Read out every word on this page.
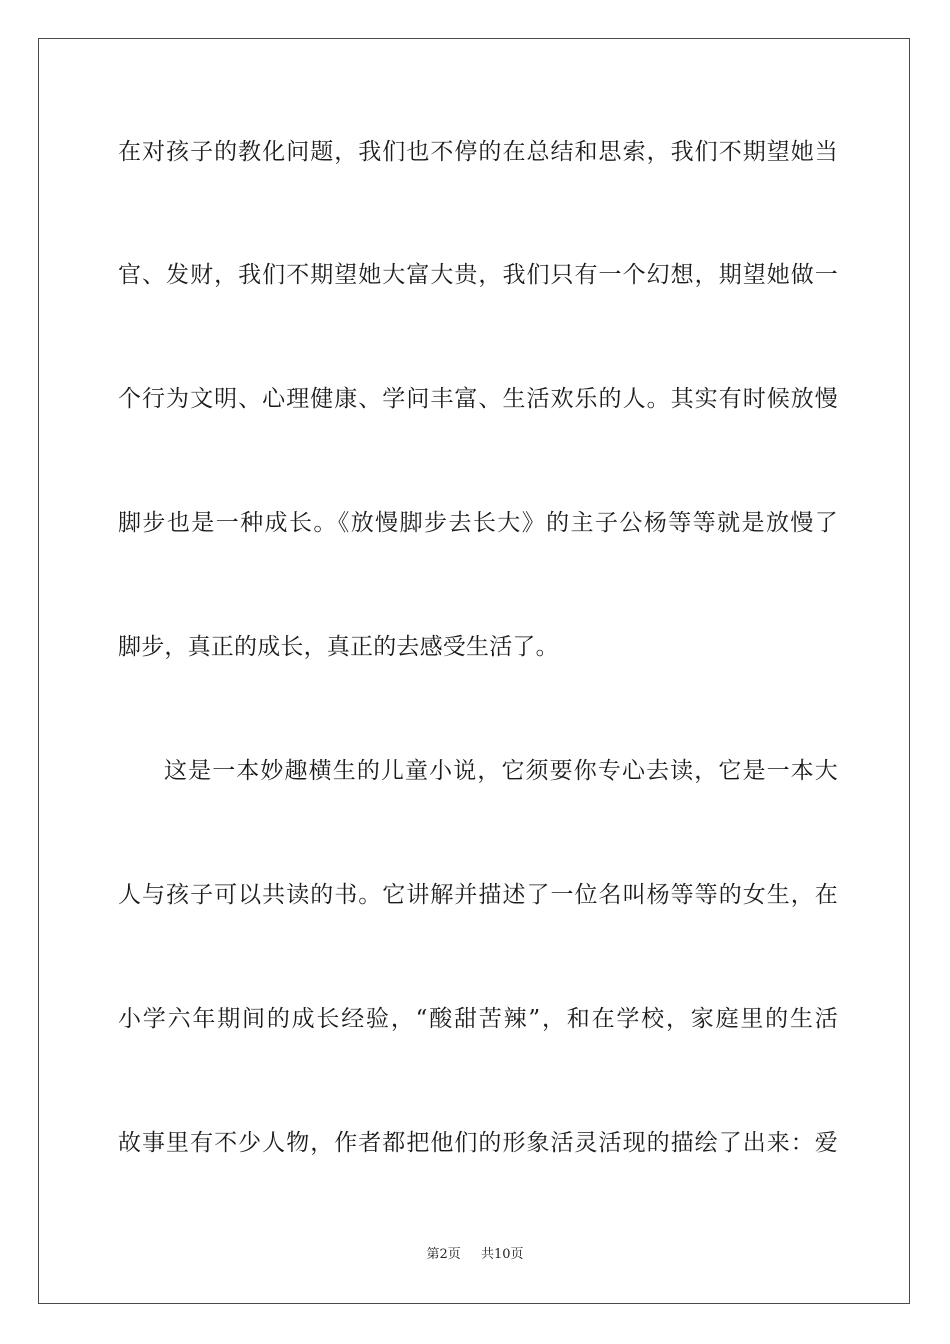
在对孩子的教化问题，我们也不停的在总结和思索，我们不期望她当
官、发财，我们不期望她大富大贵，我们只有一个幻想，期望她做一
个行为文明、心理健康、学问丰富、生活欢乐的人。其实有时候放慢
脚步也是一种成长。《放慢脚步去长大》的主子公杨等等就是放慢了
脚步，真正的成长，真正的去感受生活了。
这是一本妙趣横生的儿童小说，它须要你专心去读，它是一本大
人与孩子可以共读的书。它讲解并描述了一位名叫杨等等的女生，在
小学六年期间的成长经验，“酸甜苦辣”，和在学校，家庭里的生活
故事里有不少人物，作者都把他们的形象活灵活现的描绘了出来：爱
第2页 共10页
